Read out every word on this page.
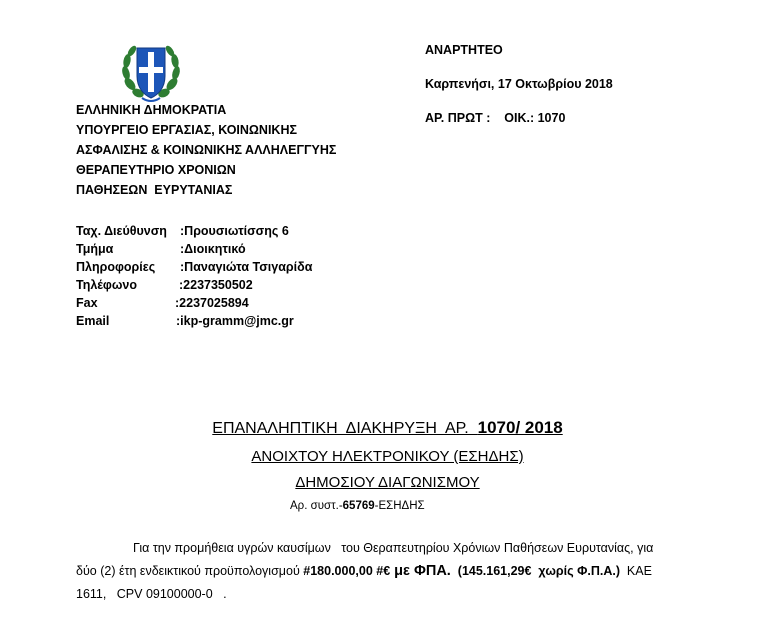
ΑΝΑΡΤΗΤΕΟ
Καρπενήσι, 17 Οκτωβρίου 2018
ΑΡ. ΠΡΩΤ :    ΟΙΚ.: 1070
ΕΛΛΗΝΙΚΗ ΔΗΜΟΚΡΑΤΙΑ
ΥΠΟΥΡΓΕΙΟ ΕΡΓΑΣΙΑΣ, ΚΟΙΝΩΝΙΚΗΣ
ΑΣΦΑΛΙΣΗΣ & ΚΟΙΝΩΝΙΚΗΣ ΑΛΛΗΛΕΓΓΥΗΣ
ΘΕΡΑΠΕΥΤΗΡΙΟ ΧΡΟΝΙΩΝ
ΠΑΘΗΣΕΩΝ  ΕΥΡΥΤΑΝΙΑΣ
Ταχ. Διεύθυνση :Προυσιωτίσσης 6
Τμήμα	:Διοικητικό
Πληροφορίες :Παναγιώτα Τσιγαρίδα
Τηλέφωνο	:2237350502
Fax	:2237025894
Email	:ikp-gramm@jmc.gr
ΕΠΑΝΑΛΗΠΤΙΚΗ  ΔΙΑΚΗΡΥΞΗ  ΑΡ.  1070/ 2018
ΑΝΟΙΧΤΟΥ ΗΛΕΚΤΡΟΝΙΚΟΥ (ΕΣΗΔΗΣ)
ΔΗΜΟΣΙΟΥ ΔΙΑΓΩΝΙΣΜΟΥ
Αρ. συστ.-65769-ΕΣΗΔΗΣ
Για την προμήθεια υγρών καυσίμων   του Θεραπευτηρίου Χρόνιων Παθήσεων Ευρυτανίας, για
δύο (2) έτη ενδεικτικού προϋπολογισμού #180.000,00 #€ με ΦΠΑ.  (145.161,29€  χωρίς Φ.Π.Α.)  ΚΑΕ
1611,   CPV 09100000-0   .
